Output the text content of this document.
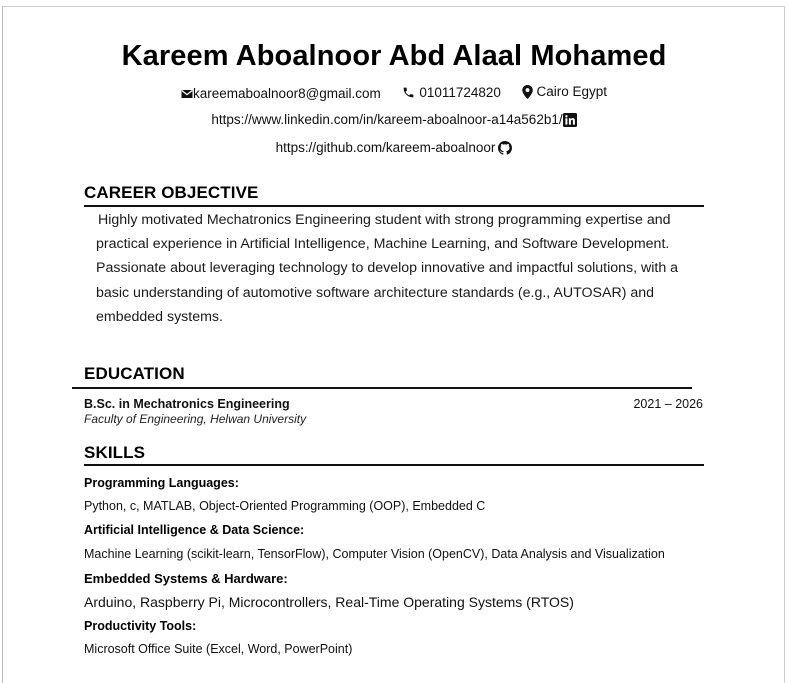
Kareem Aboalnoor Abd Alaal Mohamed
kareemaboalnoor8@gmail.com
	01011724820
	Cairo Egypt
https://www.linkedin.com/in/kareem-aboalnoor-a14a562b1/
https://github.com/kareem-aboalnoor
CAREER OBJECTIVE
Highly motivated Mechatronics Engineering student with strong programming expertise and
practical experience in Artificial Intelligence, Machine Learning, and Software Development.
Passionate about leveraging technology to develop innovative and impactful solutions, with a
basic understanding of automotive software architecture standards (e.g., AUTOSAR) and
embedded systems.
EDUCATION
B.Sc. in Mechatronics Engineering
Faculty of Engineering, Helwan University
2021 – 2026
SKILLS
Programming Languages:
Python, c, MATLAB, Object-Oriented Programming (OOP), Embedded C
Artificial Intelligence & Data Science:
Machine Learning (scikit-learn, TensorFlow), Computer Vision (OpenCV), Data Analysis and Visualization
Embedded Systems & Hardware:
Arduino, Raspberry Pi, Microcontrollers, Real-Time Operating Systems (RTOS)
Productivity Tools:
Microsoft Office Suite (Excel, Word, PowerPoint)
